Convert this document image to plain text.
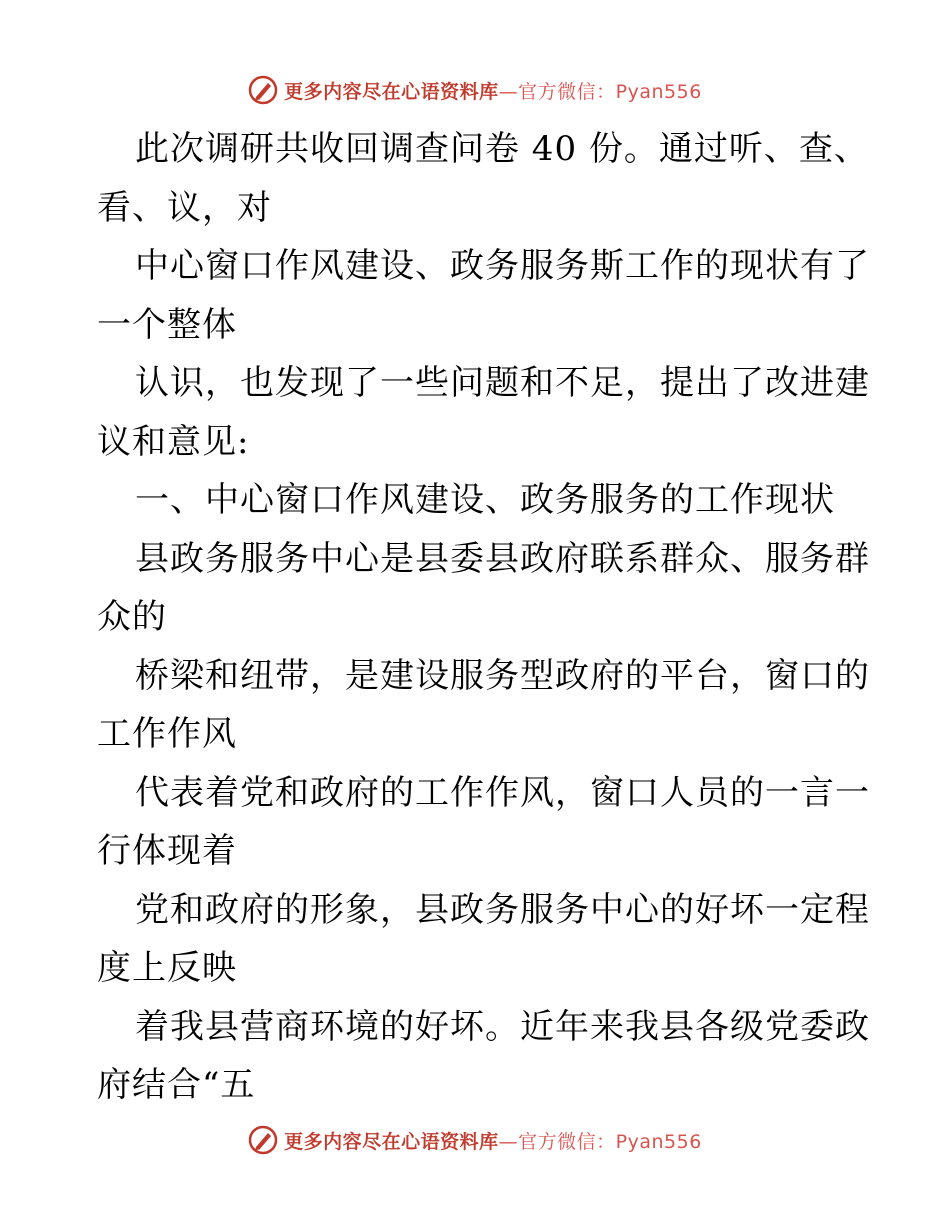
更多内容尽在心语资料库—官方微信：Pyan556
此次调研共收回调查问卷 40 份。通过听、查、
看、议，对
中心窗口作风建设、政务服务斯工作的现状有了
一个整体
认识，也发现了一些问题和不足，提出了改进建
议和意见:
一、中心窗口作风建设、政务服务的工作现状
县政务服务中心是县委县政府联系群众、服务群
众的
桥梁和纽带，是建设服务型政府的平台，窗口的
工作作风
代表着党和政府的工作作风，窗口人员的一言一
行体现着
党和政府的形象，县政务服务中心的好坏一定程
度上反映
着我县营商环境的好坏。近年来我县各级党委政
府结合“五
更多内容尽在心语资料库—官方微信：Pyan556
